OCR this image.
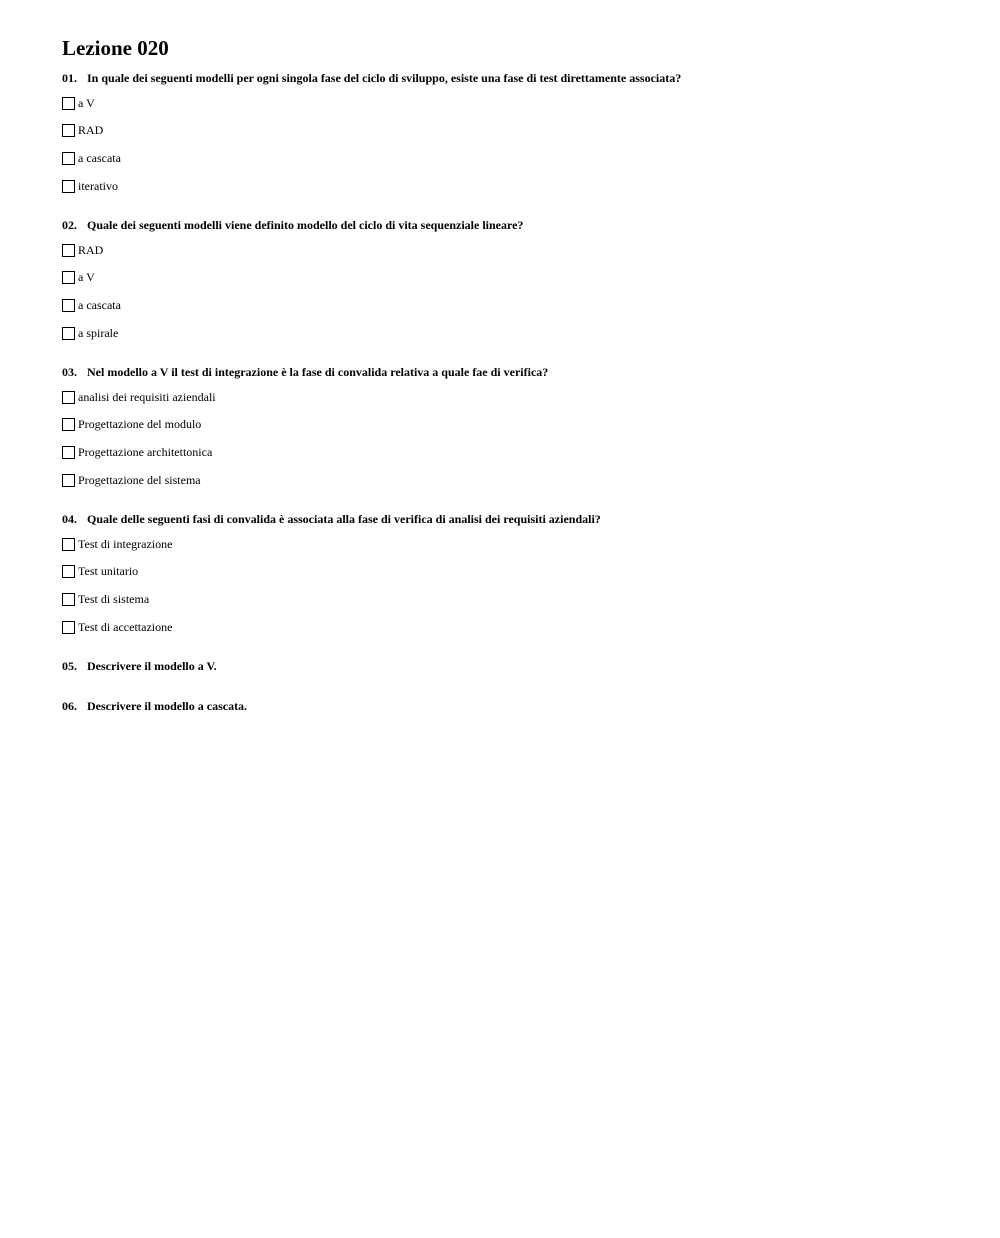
Lezione 020
01. In quale dei seguenti modelli per ogni singola fase del ciclo di sviluppo, esiste una fase di test direttamente associata?
a V
RAD
a cascata
iterativo
02. Quale dei seguenti modelli viene definito modello del ciclo di vita sequenziale lineare?
RAD
a V
a cascata
a spirale
03. Nel modello a V il test di integrazione è la fase di convalida relativa a quale fae di verifica?
analisi dei requisiti aziendali
Progettazione del modulo
Progettazione architettonica
Progettazione del sistema
04. Quale delle seguenti fasi di convalida è associata alla fase di verifica di analisi dei requisiti aziendali?
Test di integrazione
Test unitario
Test di sistema
Test di accettazione
05. Descrivere il modello a V.
06. Descrivere il modello a cascata.
